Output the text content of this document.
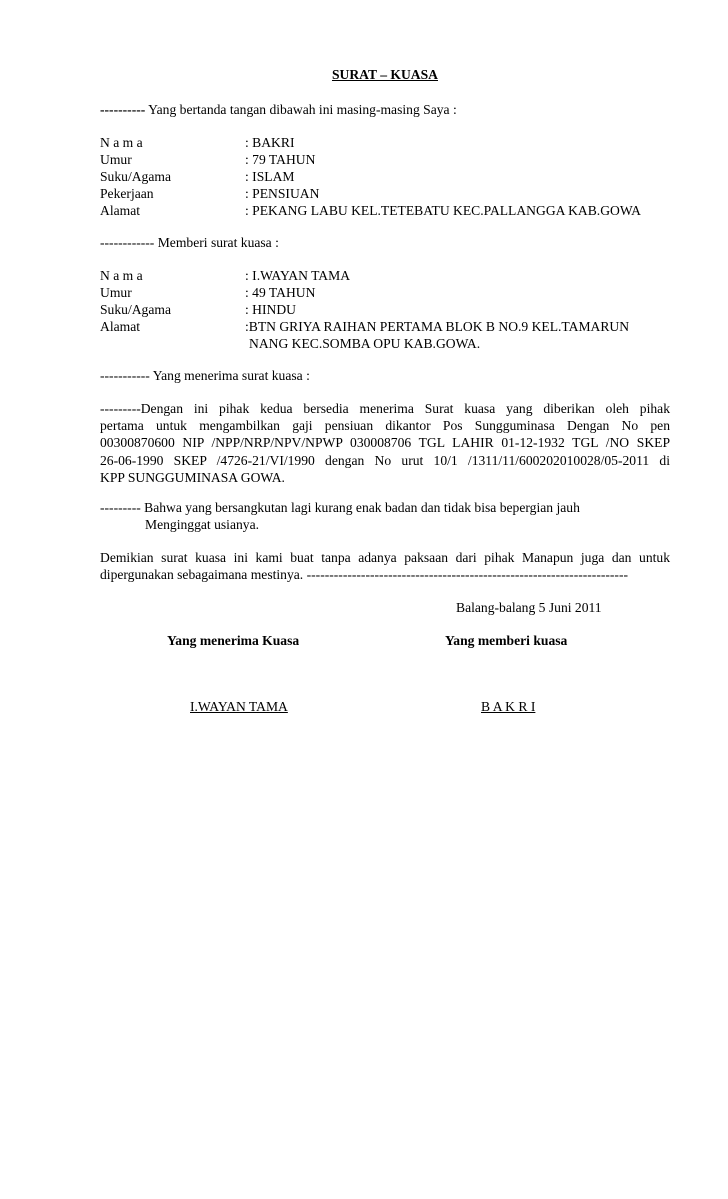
SURAT – KUASA
---------- Yang bertanda tangan dibawah ini masing-masing Saya :
N a m a	: BAKRI
Umur	: 79 TAHUN
Suku/Agama	: ISLAM
Pekerjaan	: PENSIUAN
Alamat	: PEKANG LABU KEL.TETEBATU KEC.PALLANGGA KAB.GOWA
------------ Memberi surat kuasa :
N a m a	: I.WAYAN TAMA
Umur	: 49 TAHUN
Suku/Agama	: HINDU
Alamat	:BTN GRIYA RAIHAN PERTAMA BLOK B NO.9 KEL.TAMARUN
NANG KEC.SOMBA OPU KAB.GOWA.
----------- Yang menerima surat kuasa :
---------Dengan ini pihak kedua bersedia menerima Surat kuasa yang diberikan oleh pihak
pertama untuk mengambilkan gaji pensiuan dikantor Pos Sungguminasa Dengan No pen
00300870600 NIP /NPP/NRP/NPV/NPWP 030008706 TGL LAHIR 01-12-1932 TGL /NO SKEP
26-06-1990 SKEP /4726-21/VI/1990 dengan No urut 10/1 /1311/11/600202010028/05-2011 di
KPP SUNGGUMINASA GOWA.
--------- Bahwa yang bersangkutan lagi kurang enak badan dan tidak bisa bepergian jauh
Menginggat usianya.
Demikian surat kuasa ini kami buat tanpa adanya paksaan dari pihak Manapun juga dan untuk
dipergunakan sebagaimana mestinya. -----------------------------------------------------------------------
Balang-balang 5 Juni 2011
Yang menerima Kuasa	Yang memberi kuasa
I.WAYAN TAMA	B A K R I
